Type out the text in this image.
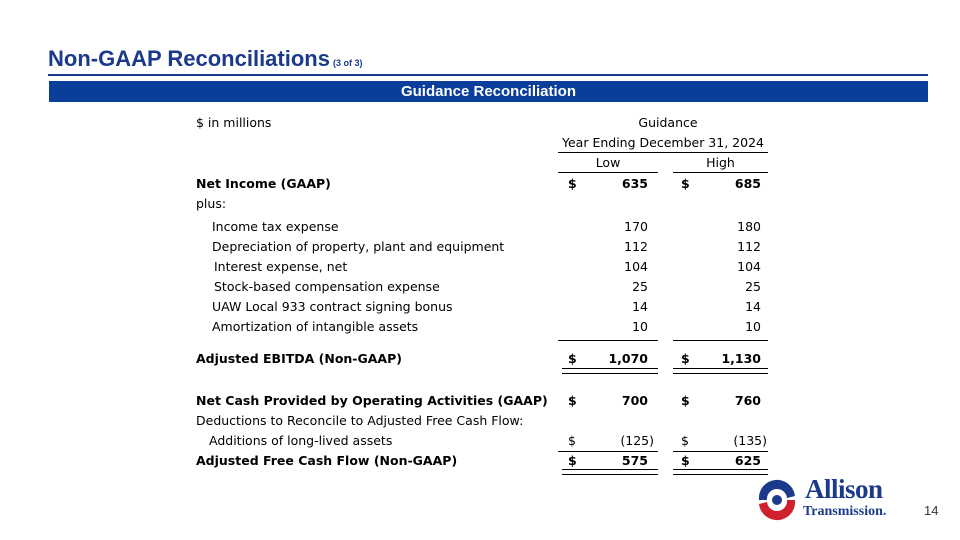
Non-GAAP Reconciliations (3 of 3)
Guidance Reconciliation
$ in millions	Guidance
Year Ending December 31, 2024
Low	High
Net Income (GAAP)	$	635	$	685
plus:
Income tax expense	170	180
Depreciation of property, plant and equipment	112	112
Interest expense, net	104	104
Stock-based compensation expense	25	25
UAW Local 933 contract signing bonus	14	14
Amortization of intangible assets	10	10
Adjusted EBITDA (Non-GAAP)	$	1,070	$	1,130
Net Cash Provided by Operating Activities (GAAP) $	700	$	760
Deductions to Reconcile to Adjusted Free Cash Flow:
Additions of long-lived assets	$	(125) $	(135)
Adjusted Free Cash Flow (Non-GAAP)	$	575	$	625
Allison
Transmission.	14
